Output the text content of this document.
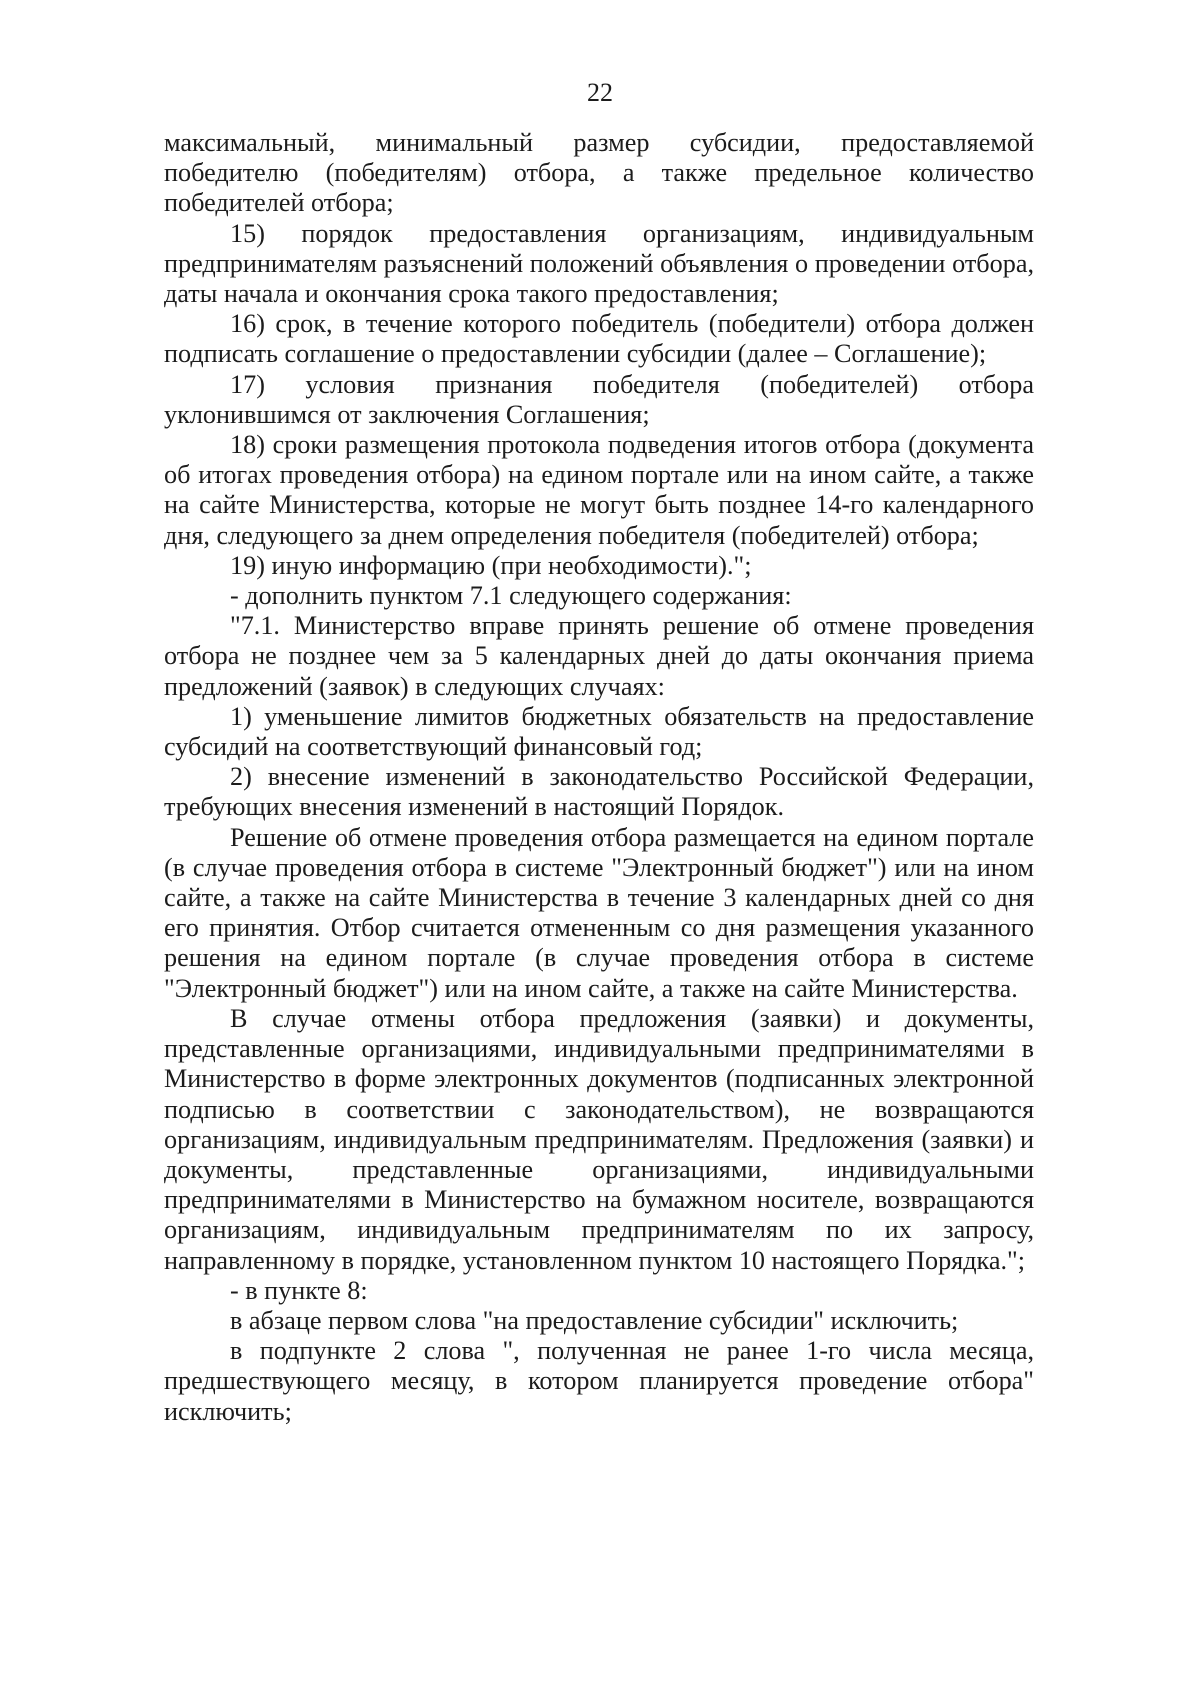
22

максимальный, минимальный размер субсидии, предоставляемой победителю (победителям) отбора, а также предельное количество победителей отбора;

15) порядок предоставления организациям, индивидуальным предпринимателям разъяснений положений объявления о проведении отбора, даты начала и окончания срока такого предоставления;

16) срок, в течение которого победитель (победители) отбора должен подписать соглашение о предоставлении субсидии (далее – Соглашение);

17) условия признания победителя (победителей) отбора уклонившимся от заключения Соглашения;

18) сроки размещения протокола подведения итогов отбора (документа об итогах проведения отбора) на едином портале или на ином сайте, а также на сайте Министерства, которые не могут быть позднее 14-го календарного дня, следующего за днем определения победителя (победителей) отбора;

19) иную информацию (при необходимости).";

- дополнить пунктом 7.1 следующего содержания:

"7.1. Министерство вправе принять решение об отмене проведения отбора не позднее чем за 5 календарных дней до даты окончания приема предложений (заявок) в следующих случаях:

1) уменьшение лимитов бюджетных обязательств на предоставление субсидий на соответствующий финансовый год;

2) внесение изменений в законодательство Российской Федерации, требующих внесения изменений в настоящий Порядок.

Решение об отмене проведения отбора размещается на едином портале (в случае проведения отбора в системе "Электронный бюджет") или на ином сайте, а также на сайте Министерства в течение 3 календарных дней со дня его принятия. Отбор считается отмененным со дня размещения указанного решения на едином портале (в случае проведения отбора в системе "Электронный бюджет") или на ином сайте, а также на сайте Министерства.

В случае отмены отбора предложения (заявки) и документы, представленные организациями, индивидуальными предпринимателями в Министерство в форме электронных документов (подписанных электронной подписью в соответствии с законодательством), не возвращаются организациям, индивидуальным предпринимателям. Предложения (заявки) и документы, представленные организациями, индивидуальными предпринимателями в Министерство на бумажном носителе, возвращаются организациям, индивидуальным предпринимателям по их запросу, направленному в порядке, установленном пунктом 10 настоящего Порядка.";

- в пункте 8:

в абзаце первом слова "на предоставление субсидии" исключить;

в подпункте 2 слова ", полученная не ранее 1-го числа месяца, предшествующего месяцу, в котором планируется проведение отбора" исключить;
